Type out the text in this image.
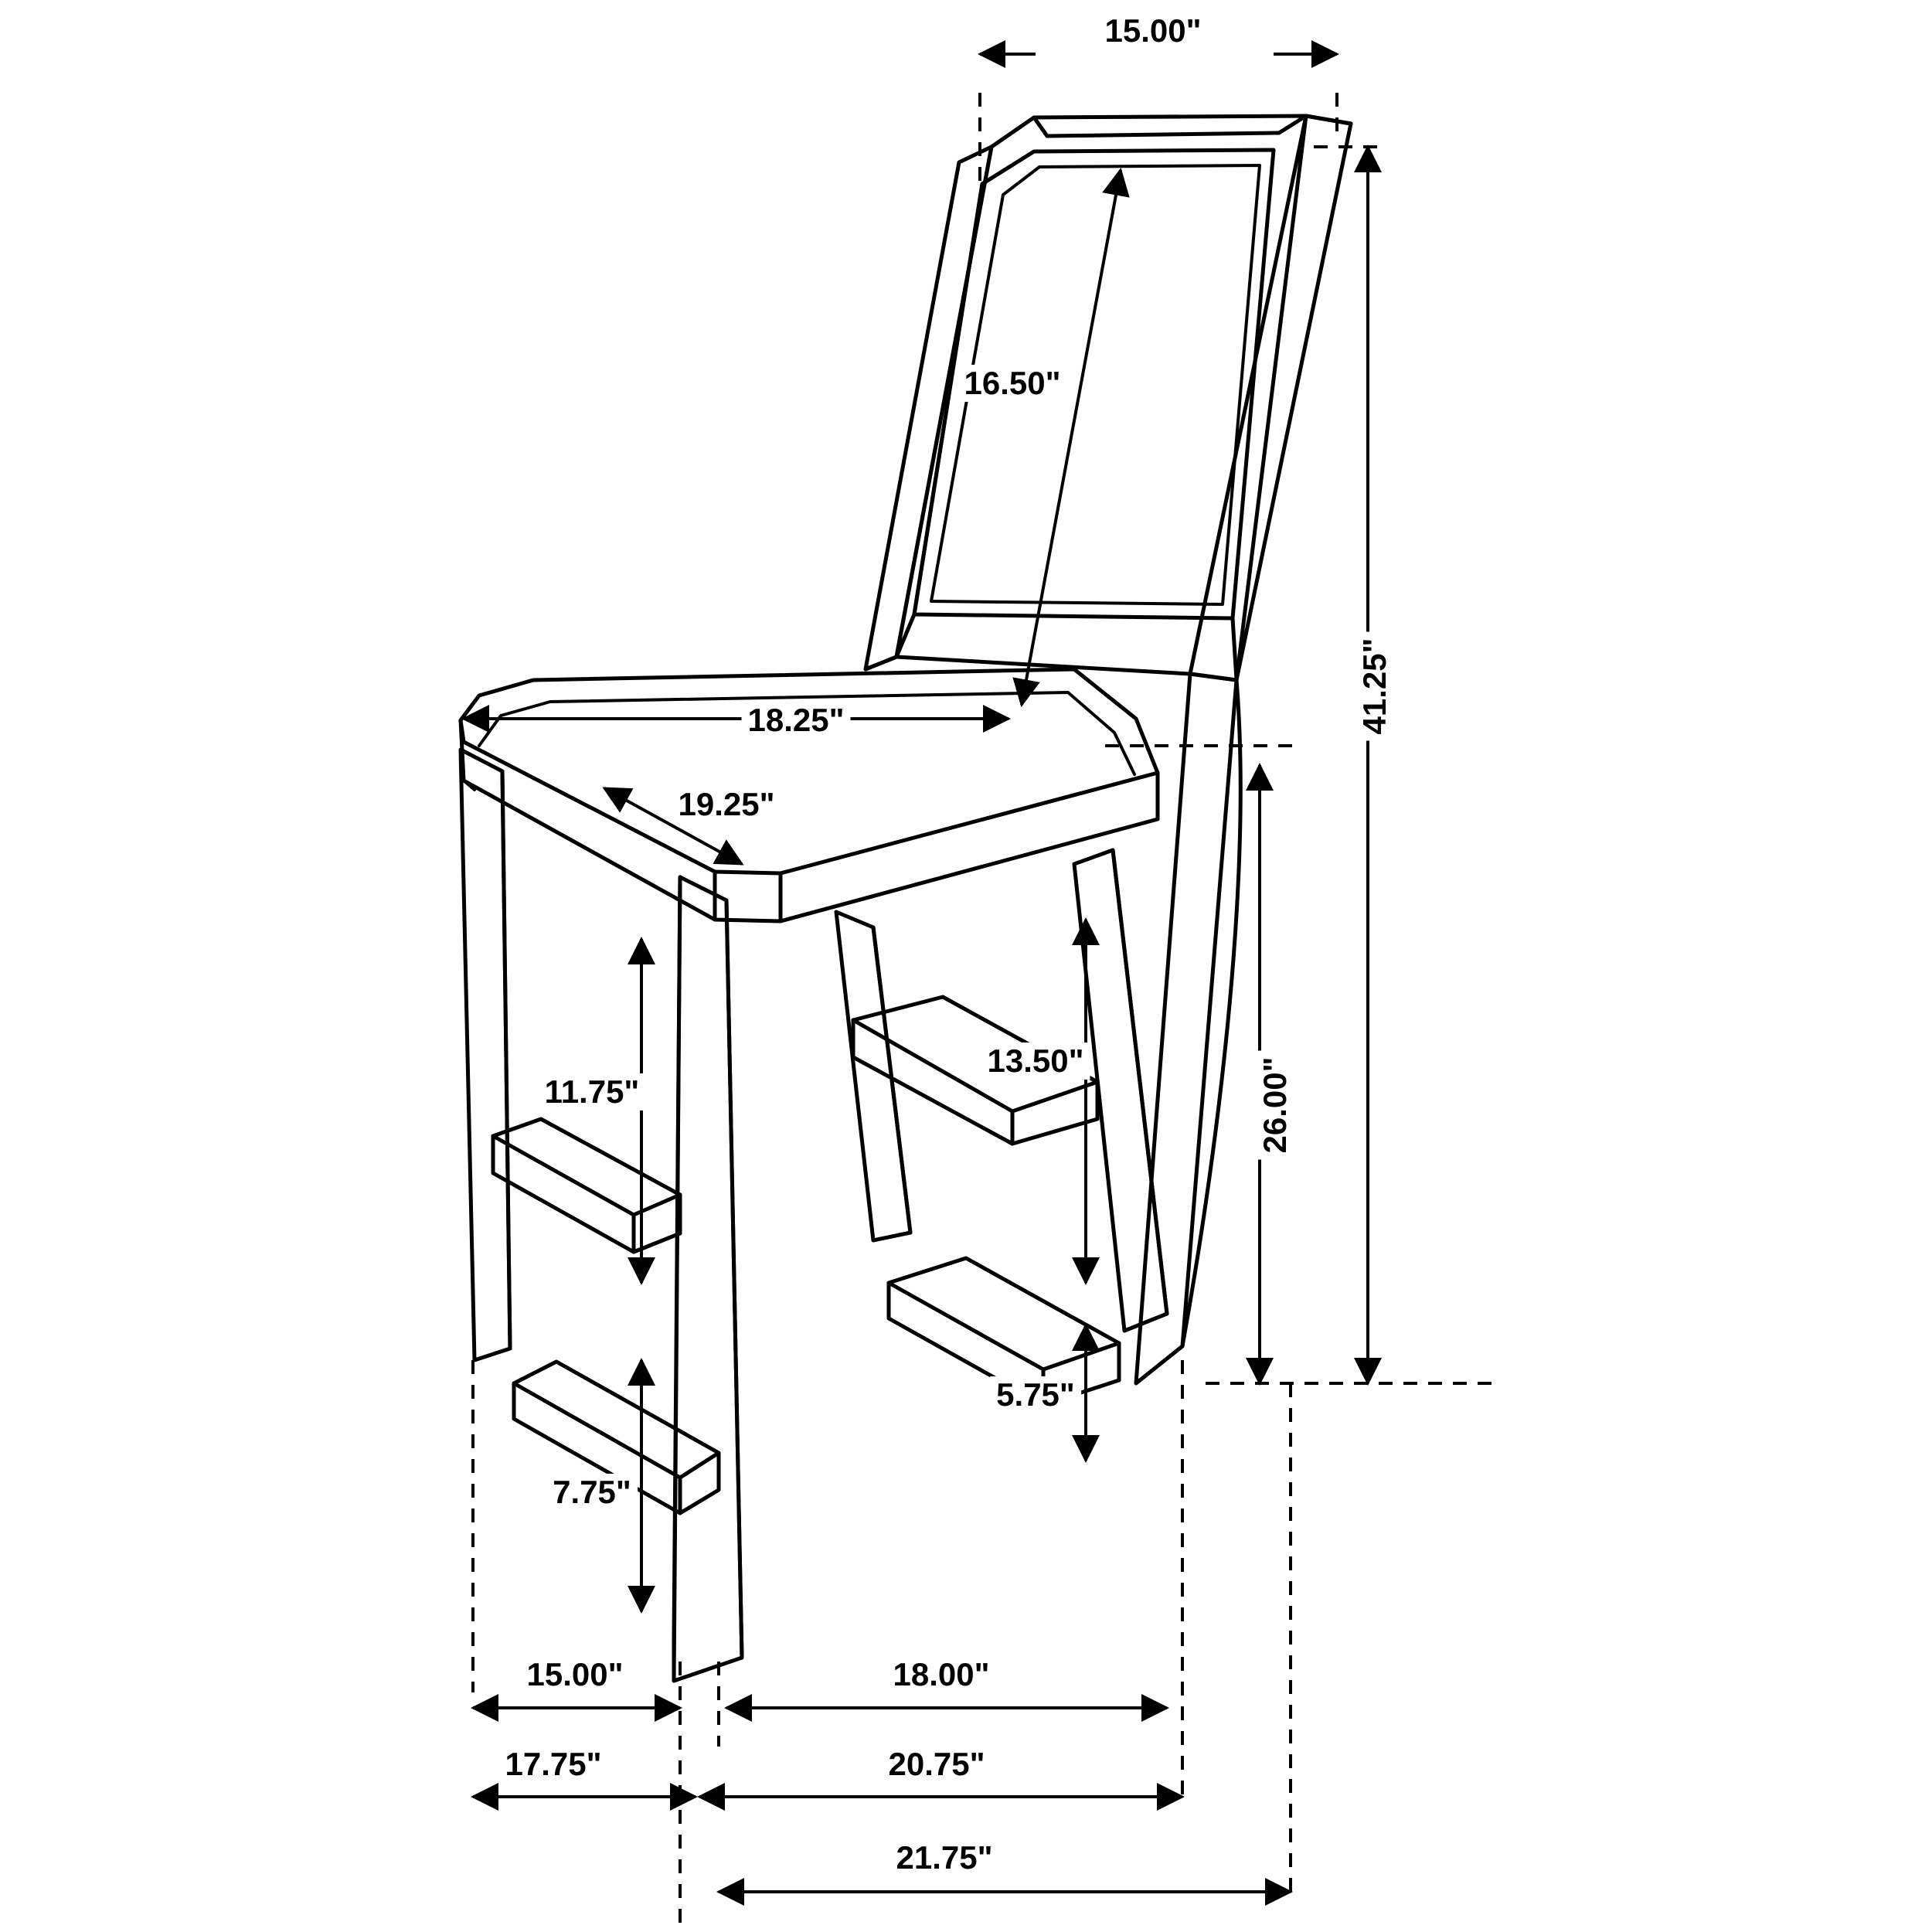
15.00"
16.50"
41.25"
18.25"
19.25"
26.00"
13.50"
11.75"
7.75"
5.75"
15.00"	18.00"
17.75"	20.75"
21.75"
